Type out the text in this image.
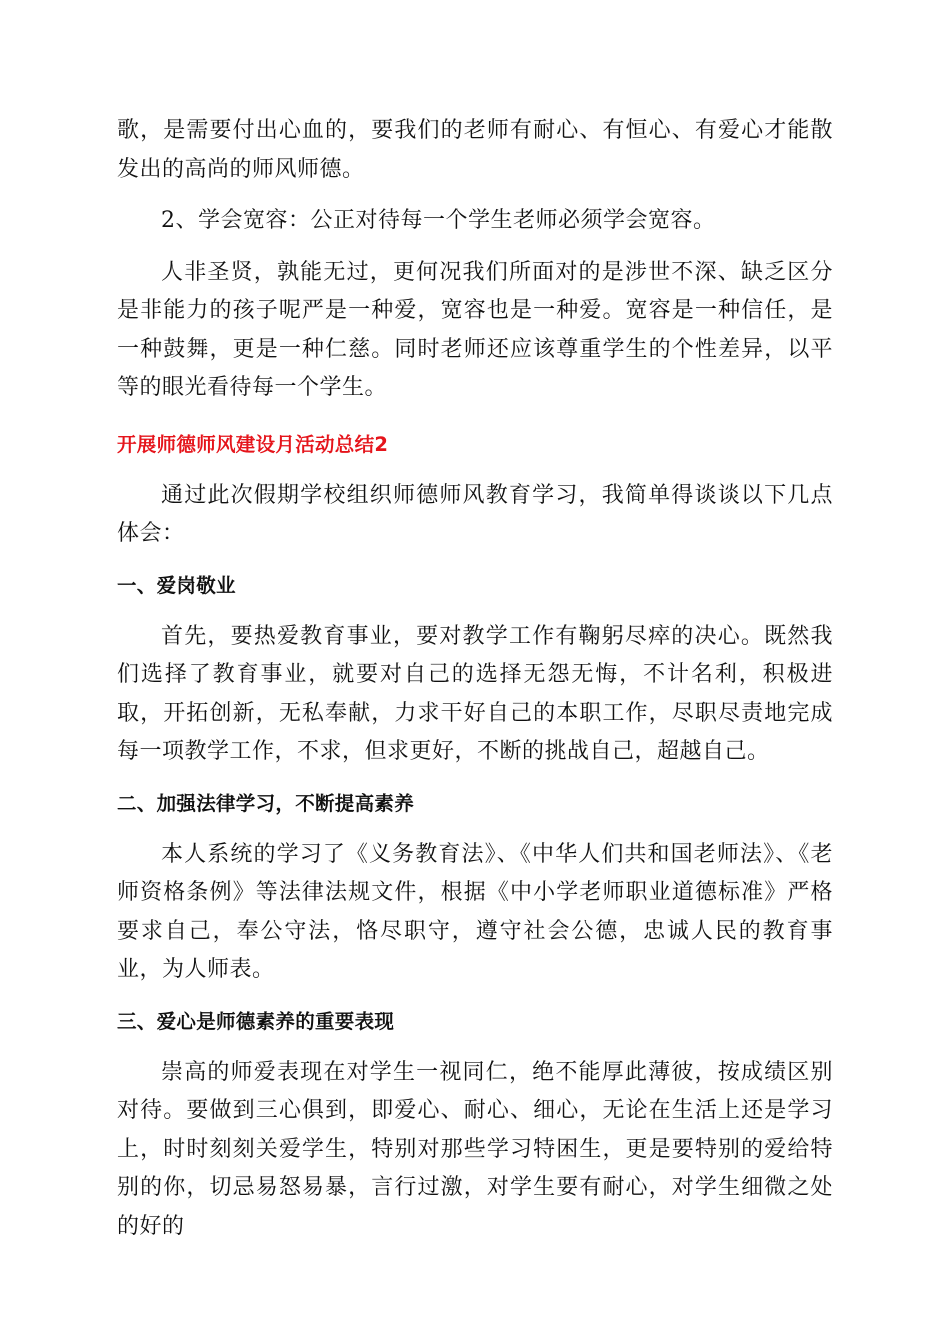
歌，是需要付出心血的，要我们的老师有耐心、有恒心、有爱心才能散发出的高尚的师风师德。

2、学会宽容：公正对待每一个学生老师必须学会宽容。

人非圣贤，孰能无过，更何况我们所面对的是涉世不深、缺乏区分是非能力的孩子呢严是一种爱，宽容也是一种爱。宽容是一种信任，是一种鼓舞，更是一种仁慈。同时老师还应该尊重学生的个性差异，以平等的眼光看待每一个学生。

开展师德师风建设月活动总结2

通过此次假期学校组织师德师风教育学习，我简单得谈谈以下几点体会：

一、爱岗敬业

首先，要热爱教育事业，要对教学工作有鞠躬尽瘁的决心。既然我们选择了教育事业，就要对自己的选择无怨无悔，不计名利，积极进取，开拓创新，无私奉献，力求干好自己的本职工作，尽职尽责地完成每一项教学工作，不求，但求更好，不断的挑战自己，超越自己。

二、加强法律学习，不断提高素养

本人系统的学习了《义务教育法》、《中华人们共和国老师法》、《老师资格条例》等法律法规文件，根据《中小学老师职业道德标准》严格要求自己，奉公守法，恪尽职守，遵守社会公德，忠诚人民的教育事业，为人师表。

三、爱心是师德素养的重要表现

崇高的师爱表现在对学生一视同仁，绝不能厚此薄彼，按成绩区别对待。要做到三心俱到，即爱心、耐心、细心，无论在生活上还是学习上，时时刻刻关爱学生，特别对那些学习特困生，更是要特别的爱给特别的你，切忌易怒易暴，言行过激，对学生要有耐心，对学生细微之处的好的
